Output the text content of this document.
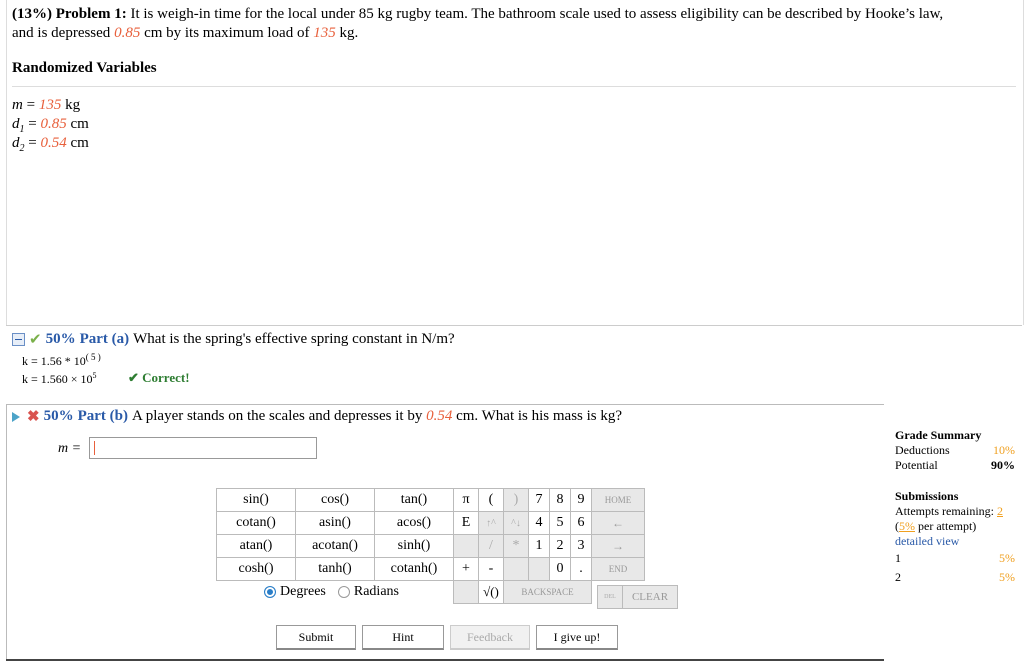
(13%) Problem 1: It is weigh-in time for the local under 85 kg rugby team. The bathroom scale used to assess eligibility can be described by Hooke’s law,
and is depressed 0.85 cm by its maximum load of 135 kg.
Randomized Variables
m = 135 kg
$d_1 = 0.85$ cm
$d_2 = 0.54$ cm
✔ 50% Part (a) What is the spring's effective spring constant in N/m?
$k = 1.56 * 10^{( 5 )}$
$k = 1.560 \times 10^5$ ✔ Correct!
✖ 50% Part (b) A player stands on the scales and depresses it by 0.54 cm. What is his mass is kg?
m =
sin()	cos()	tan()	π	(	)	7	8	9	HOME
cotan()	asin()	acos()	E	↑^	^↓	4	5	6	←
atan()	acotan()	sinh()		/	*	1	2	3	→
cosh()	tanh()	cotanh()	+	-			0	.	END
				√()	BACKSPACE				DEL	CLEAR
Degrees Radians
Submit	Hint	Feedback	I give up!
Grade Summary
Deductions	10%
Potential	90%
Submissions
Attempts remaining: 2
(5% per attempt)
detailed view
1	5%
2	5%
